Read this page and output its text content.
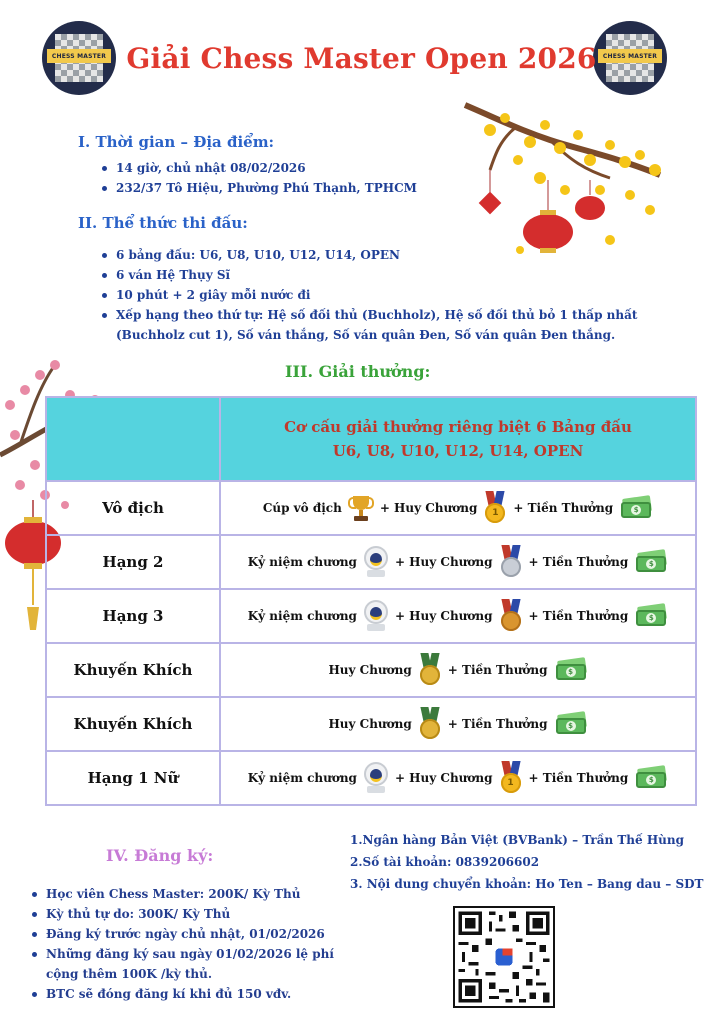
CHESS MASTER	CHESS MASTER
Giải Chess Master Open 2026
I. Thời gian – Địa điểm:
14 giờ, chủ nhật 08/02/2026
232/37 Tô Hiệu, Phường Phú Thạnh, TPHCM
II. Thể thức thi đấu:
6 bảng đấu: U6, U8, U10, U12, U14, OPEN
6 ván Hệ Thụy Sĩ
10 phút + 2 giây mỗi nước đi
Xếp hạng theo thứ tự: Hệ số đối thủ (Buchholz), Hệ số đối thủ bỏ 1 thấp nhất (Buchholz cut 1), Số ván thắng, Số ván quân Đen, Số ván quân Đen thắng.
III. Giải thưởng:

	Cơ cấu giải thưởng riêng biệt 6 Bảng đấu
U6, U8, U10, U12, U14, OPEN

Vô địch	Cúp vô địch + Huy Chương 1 + Tiền Thưởng $

Hạng 2	Kỷ niệm chương + Huy Chương + Tiền Thưởng $

Hạng 3	Kỷ niệm chương + Huy Chương + Tiền Thưởng $

Khuyến Khích	Huy Chương + Tiền Thưởng $

Khuyến Khích	Huy Chương + Tiền Thưởng $

Hạng 1 Nữ	Kỷ niệm chương + Huy Chương 1 + Tiền Thưởng $
IV. Đăng ký:
Học viên Chess Master: 200K/ Kỳ Thủ
Kỳ thủ tự do: 300K/ Kỳ Thủ
Đăng ký trước ngày chủ nhật, 01/02/2026
Những đăng ký sau ngày 01/02/2026 lệ phí cộng thêm 100K /kỳ thủ.
BTC sẽ đóng đăng kí khi đủ 150 vđv.
1.Ngân hàng Bản Việt (BVBank) – Trần Thế Hùng
2.Số tài khoản: 0839206602
3. Nội dung chuyển khoản: Ho Ten – Bang dau – SDT
